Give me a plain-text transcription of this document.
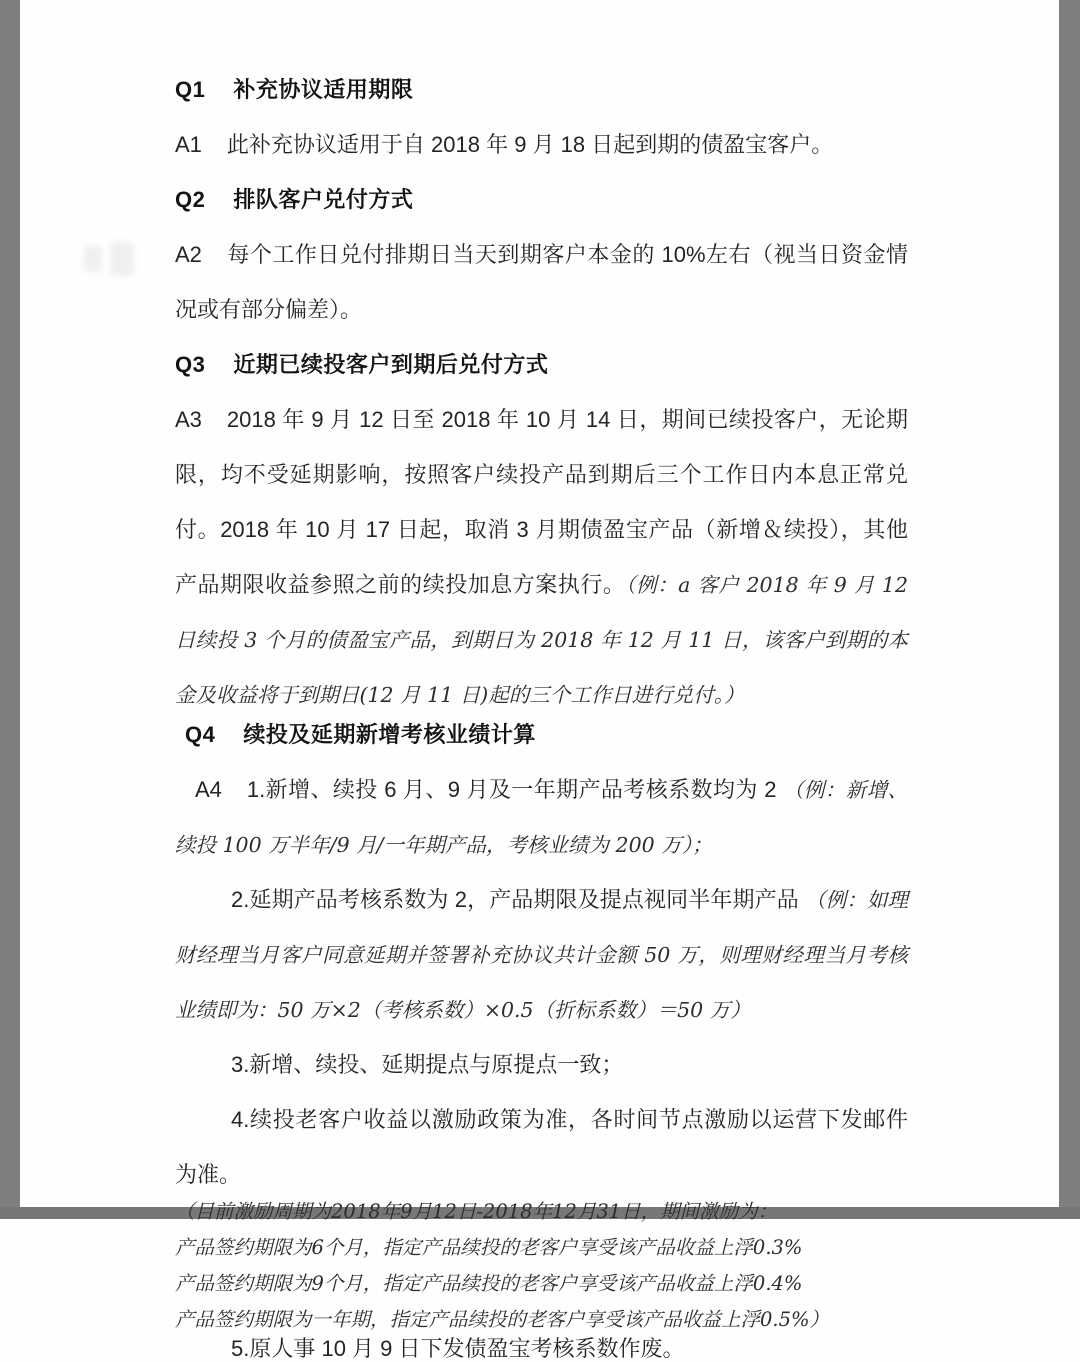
Q1 补充协议适用期限

A1 此补充协议适用于自 2018 年 9 月 18 日起到期的债盈宝客户。

Q2 排队客户兑付方式

A2 每个工作日兑付排期日当天到期客户本金的 10%左右（视当日资金情况或有部分偏差）。

Q3 近期已续投客户到期后兑付方式

A3 2018 年 9 月 12 日至 2018 年 10 月 14 日，期间已续投客户，无论期限，均不受延期影响，按照客户续投产品到期后三个工作日内本息正常兑付。2018 年 10 月 17 日起，取消 3 月期债盈宝产品（新增＆续投），其他产品期限收益参照之前的续投加息方案执行。（例：a 客户 2018 年 9 月 12 日续投 3 个月的债盈宝产品，到期日为 2018 年 12 月 11 日，该客户到期的本金及收益将于到期日(12 月 11 日)起的三个工作日进行兑付。）

Q4 续投及延期新增考核业绩计算

A4 1.新增、续投 6 月、9 月及一年期产品考核系数均为 2 （例：新增、续投 100 万半年/9 月/一年期产品，考核业绩为 200 万）；

2.延期产品考核系数为 2，产品期限及提点视同半年期产品 （例：如理财经理当月客户同意延期并签署补充协议共计金额 50 万，则理财经理当月考核业绩即为：50 万×2（考核系数）×0.5（折标系数）＝50 万）

3.新增、续投、延期提点与原提点一致；

4.续投老客户收益以激励政策为准，各时间节点激励以运营下发邮件为准。

（目前激励周期为2018年9月12日-2018年12月31日，期间激励为：

产品签约期限为6个月，指定产品续投的老客户享受该产品收益上浮0.3%

产品签约期限为9个月，指定产品续投的老客户享受该产品收益上浮0.4%

产品签约期限为一年期，指定产品续投的老客户享受该产品收益上浮0.5%）

5.原人事 10 月 9 日下发债盈宝考核系数作废。
